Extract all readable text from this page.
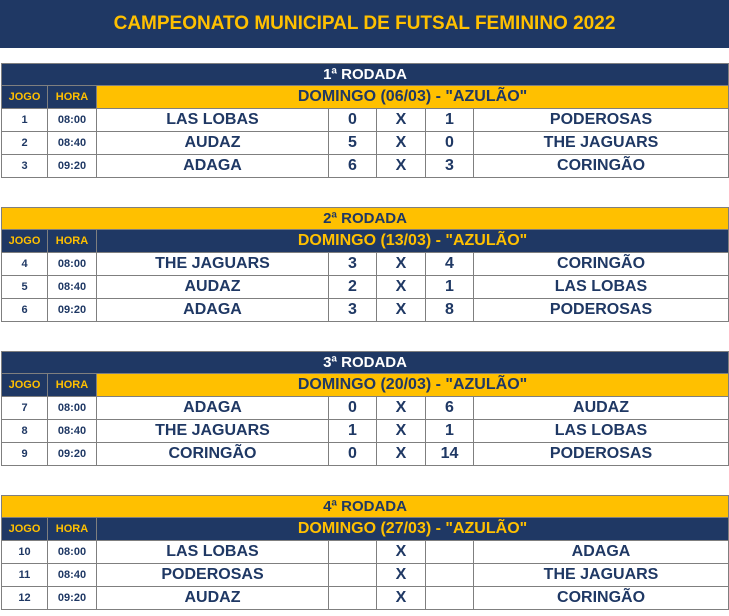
CAMPEONATO MUNICIPAL DE FUTSAL FEMININO 2022
1ª RODADA						
JOGO	HORA	DOMINGO (06/03) - "AZULÃO"				
1	08:00	LAS LOBAS	0	X	1	PODEROSAS
2	08:40	AUDAZ	5	X	0	THE JAGUARS
3	09:20	ADAGA	6	X	3	CORINGÃO
2ª RODADA						
JOGO	HORA	DOMINGO (13/03) - "AZULÃO"				
4	08:00	THE JAGUARS	3	X	4	CORINGÃO
5	08:40	AUDAZ	2	X	1	LAS LOBAS
6	09:20	ADAGA	3	X	8	PODEROSAS
3ª RODADA						
JOGO	HORA	DOMINGO (20/03) - "AZULÃO"				
7	08:00	ADAGA	0	X	6	AUDAZ
8	08:40	THE JAGUARS	1	X	1	LAS LOBAS
9	09:20	CORINGÃO	0	X	14	PODEROSAS
4ª RODADA						
JOGO	HORA	DOMINGO (27/03) - "AZULÃO"				
10	08:00	LAS LOBAS		X		ADAGA
11	08:40	PODEROSAS		X		THE JAGUARS
12	09:20	AUDAZ		X		CORINGÃO
